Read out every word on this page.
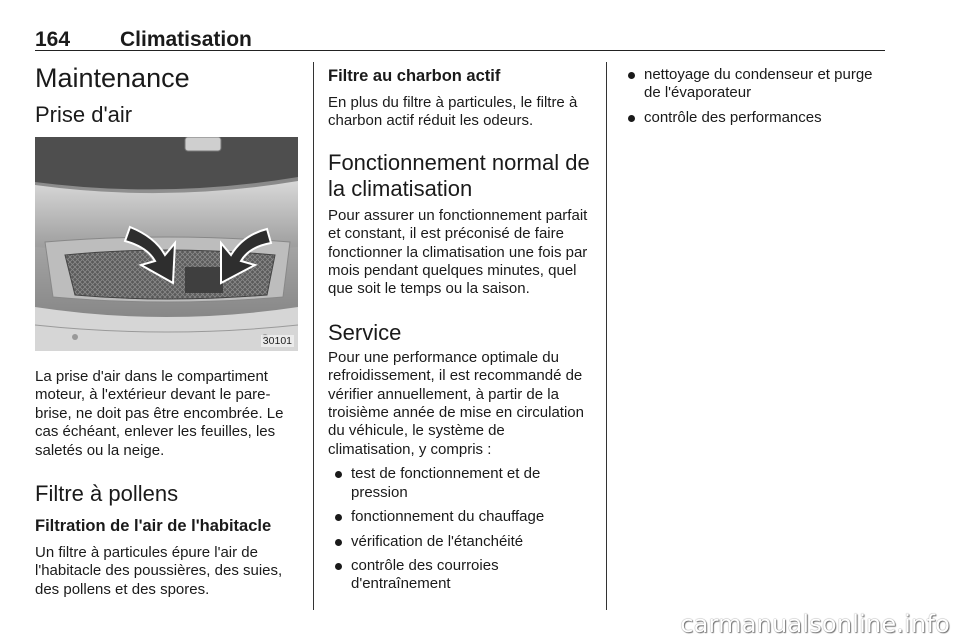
164 Climatisation
Maintenance
Prise d'air
30101

La prise d'air dans le compartiment moteur, à l'extérieur devant le pare-brise, ne doit pas être encombrée. Le cas échéant, enlever les feuilles, les saletés ou la neige.

Filtre à pollens
Filtration de l'air de l'habitacle

Un filtre à particules épure l'air de l'habitacle des poussières, des suies, des pollens et des spores.

Filtre au charbon actif

En plus du filtre à particules, le filtre à charbon actif réduit les odeurs.

Fonctionnement normal de la climatisation

Pour assurer un fonctionnement parfait et constant, il est préconisé de faire fonctionner la climatisation une fois par mois pendant quelques minutes, quel que soit le temps ou la saison.

Service

Pour une performance optimale du refroidissement, il est recommandé de vérifier annuellement, à partir de la troisième année de mise en circulation du véhicule, le système de climatisation, y compris :

test de fonctionnement et de pression
fonctionnement du chauffage
vérification de l'étanchéité
contrôle des courroies d'entraînement
nettoyage du condenseur et purge de l'évaporateur
contrôle des performances
carmanualsonline.info
